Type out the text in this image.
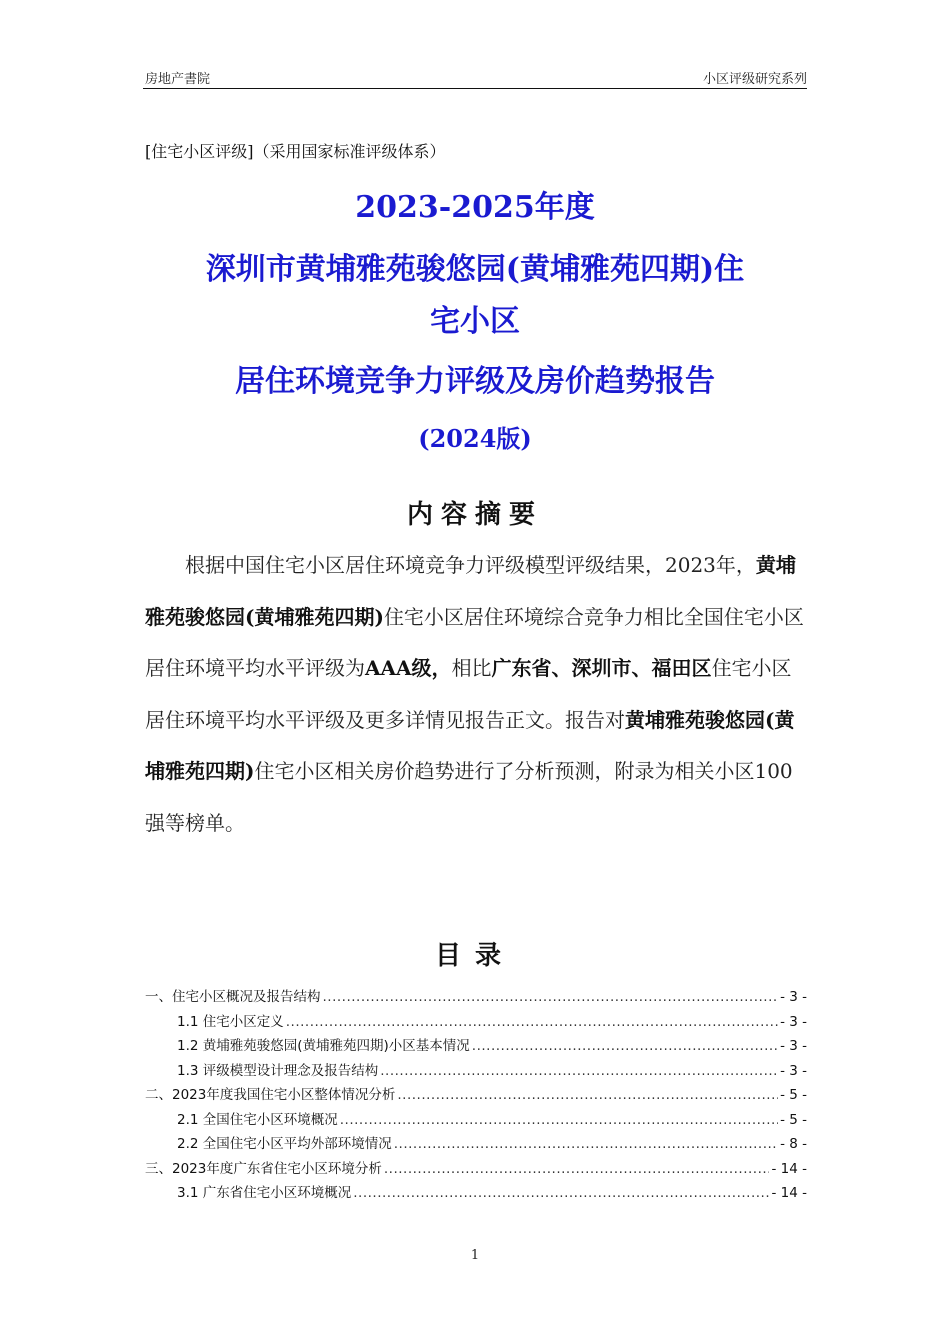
房地产書院	小区评级研究系列
[住宅小区评级]（采用国家标准评级体系）
2023-2025年度
深圳市黄埔雅苑骏悠园(黄埔雅苑四期)住
宅小区
居住环境竞争力评级及房价趋势报告
(2024版)
内容摘要

根据中国住宅小区居住环境竞争力评级模型评级结果，2023年，黄埔雅苑骏悠园(黄埔雅苑四期)住宅小区居住环境综合竞争力相比全国住宅小区居住环境平均水平评级为AAA级，相比广东省、深圳市、福田区住宅小区居住环境平均水平评级及更多详情见报告正文。报告对黄埔雅苑骏悠园(黄埔雅苑四期)住宅小区相关房价趋势进行了分析预测，附录为相关小区100强等榜单。

目录
一、住宅小区概况及报告结构 .....	- 3 -
1.1 住宅小区定义 .....	- 3 -
1.2 黄埔雅苑骏悠园(黄埔雅苑四期)小区基本情况 .....	- 3 -
1.3 评级模型设计理念及报告结构 .....	- 3 -
二、2023年度我国住宅小区整体情况分析 .....	- 5 -
2.1 全国住宅小区环境概况 .....	- 5 -
2.2 全国住宅小区平均外部环境情况 .....	- 8 -
三、2023年度广东省住宅小区环境分析 .....	- 14 -
3.1 广东省住宅小区环境概况 .....	- 14 -
1
